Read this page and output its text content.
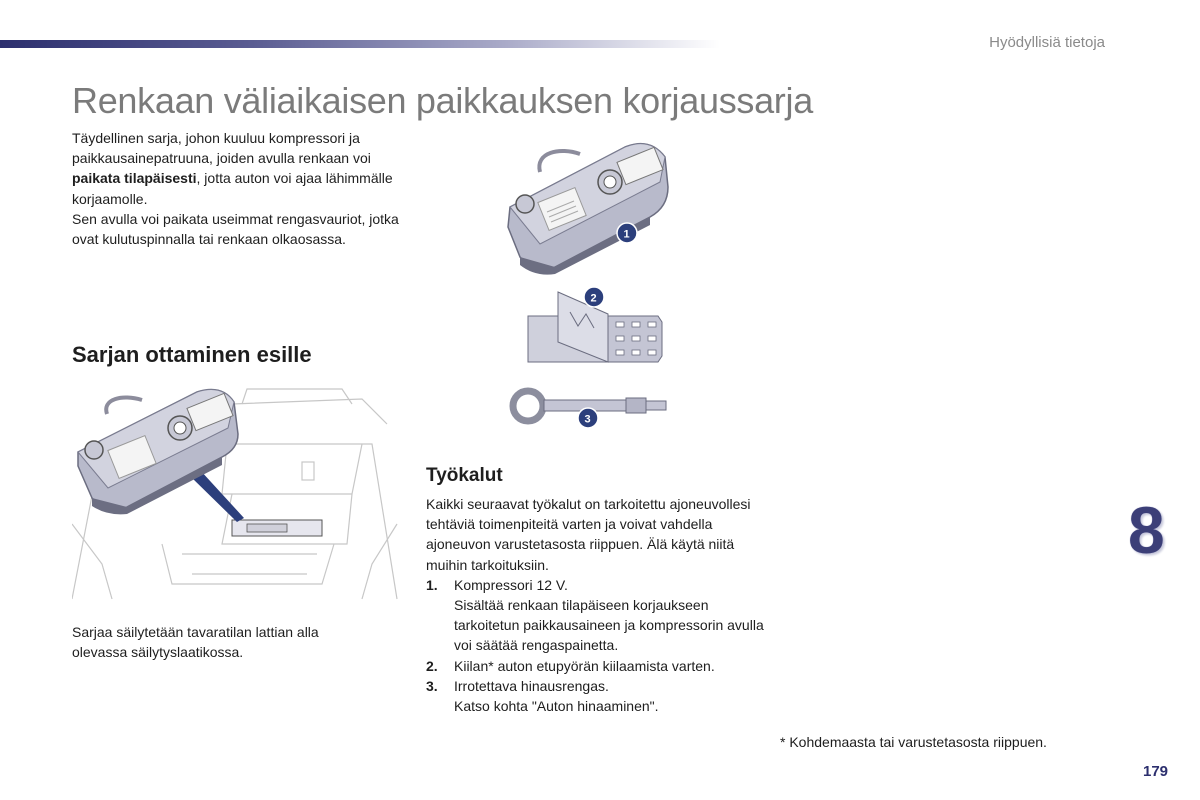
Hyödyllisiä tietoja
Renkaan väliaikaisen paikkauksen korjaussarja
Täydellinen sarja, johon kuuluu kompressori ja paikkausainepatruuna, joiden avulla renkaan voi paikata tilapäisesti, jotta auton voi ajaa lähimmälle korjaamolle.
Sen avulla voi paikata useimmat rengasvauriot, jotka ovat kulutuspinnalla tai renkaan olkaosassa.	1
2
3
Sarjan ottaminen esille
Sarjaa säilytetään tavaratilan lattian alla olevassa säilytyslaatikossa.
Työkalut
Kaikki seuraavat työkalut on tarkoitettu ajoneuvollesi tehtäviä toimenpiteitä varten ja voivat vahdella ajoneuvon varustetasosta riippuen. Älä käytä niitä muihin tarkoituksiin.
1.	Kompressori 12 V.
Sisältää renkaan tilapäiseen korjaukseen tarkoitetun paikkausaineen ja kompressorin avulla voi säätää rengaspainetta.
2.	Kiilan* auton etupyörän kiilaamista varten.
3.	Irrotettava hinausrengas.
Katso kohta "Auton hinaaminen".
* Kohdemaasta tai varustetasosta riippuen.
8
179
